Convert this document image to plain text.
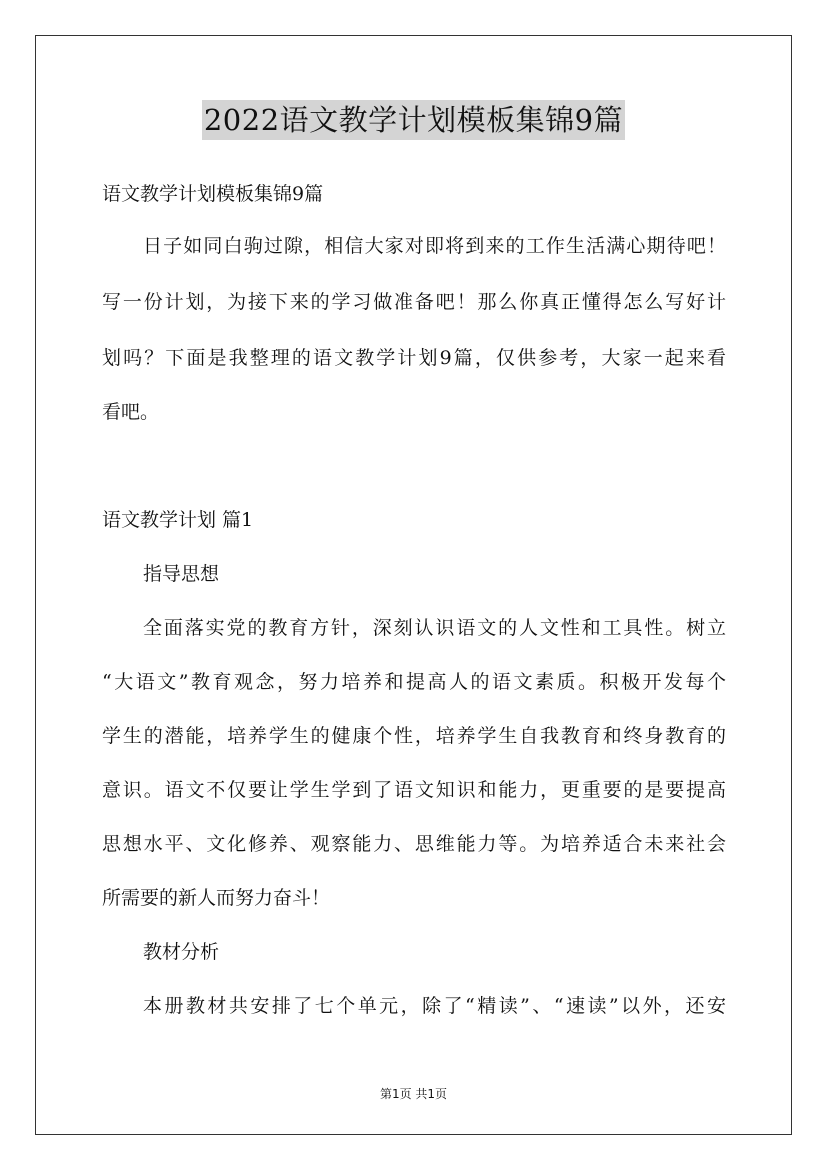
2022语文教学计划模板集锦9篇
语文教学计划模板集锦9篇
日子如同白驹过隙，相信大家对即将到来的工作生活满心期待吧！
写一份计划，为接下来的学习做准备吧！那么你真正懂得怎么写好计
划吗？下面是我整理的语文教学计划9篇，仅供参考，大家一起来看
看吧。
语文教学计划 篇1
指导思想
全面落实党的教育方针，深刻认识语文的人文性和工具性。树立
“大语文”教育观念，努力培养和提高人的语文素质。积极开发每个
学生的潜能，培养学生的健康个性，培养学生自我教育和终身教育的
意识。语文不仅要让学生学到了语文知识和能力，更重要的是要提高
思想水平、文化修养、观察能力、思维能力等。为培养适合未来社会
所需要的新人而努力奋斗！
教材分析
本册教材共安排了七个单元，除了“精读”、“速读”以外，还安
第1页 共1页
